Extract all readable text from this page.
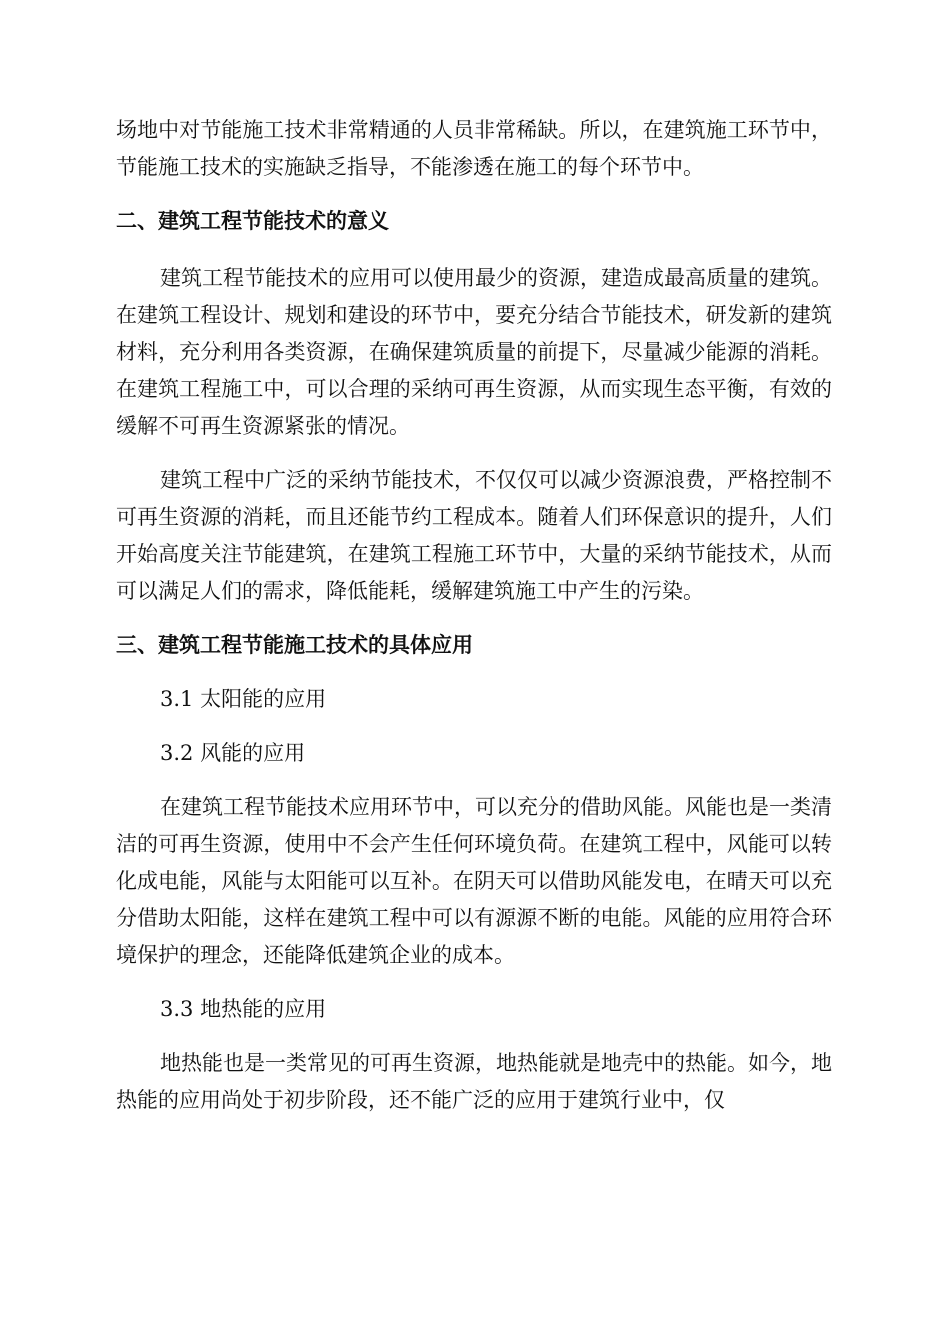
场地中对节能施工技术非常精通的人员非常稀缺。所以，在建筑施工环节中，节能施工技术的实施缺乏指导，不能渗透在施工的每个环节中。

二、建筑工程节能技术的意义

建筑工程节能技术的应用可以使用最少的资源，建造成最高质量的建筑。在建筑工程设计、规划和建设的环节中，要充分结合节能技术，研发新的建筑材料，充分利用各类资源，在确保建筑质量的前提下，尽量减少能源的消耗。在建筑工程施工中，可以合理的采纳可再生资源，从而实现生态平衡，有效的缓解不可再生资源紧张的情况。

建筑工程中广泛的采纳节能技术，不仅仅可以减少资源浪费，严格控制不可再生资源的消耗，而且还能节约工程成本。随着人们环保意识的提升，人们开始高度关注节能建筑，在建筑工程施工环节中，大量的采纳节能技术，从而可以满足人们的需求，降低能耗，缓解建筑施工中产生的污染。

三、建筑工程节能施工技术的具体应用

3.1 太阳能的应用

3.2 风能的应用

在建筑工程节能技术应用环节中，可以充分的借助风能。风能也是一类清洁的可再生资源，使用中不会产生任何环境负荷。在建筑工程中，风能可以转化成电能，风能与太阳能可以互补。在阴天可以借助风能发电，在晴天可以充分借助太阳能，这样在建筑工程中可以有源源不断的电能。风能的应用符合环境保护的理念，还能降低建筑企业的成本。

3.3 地热能的应用

地热能也是一类常见的可再生资源，地热能就是地壳中的热能。如今，地热能的应用尚处于初步阶段，还不能广泛的应用于建筑行业中，仅
